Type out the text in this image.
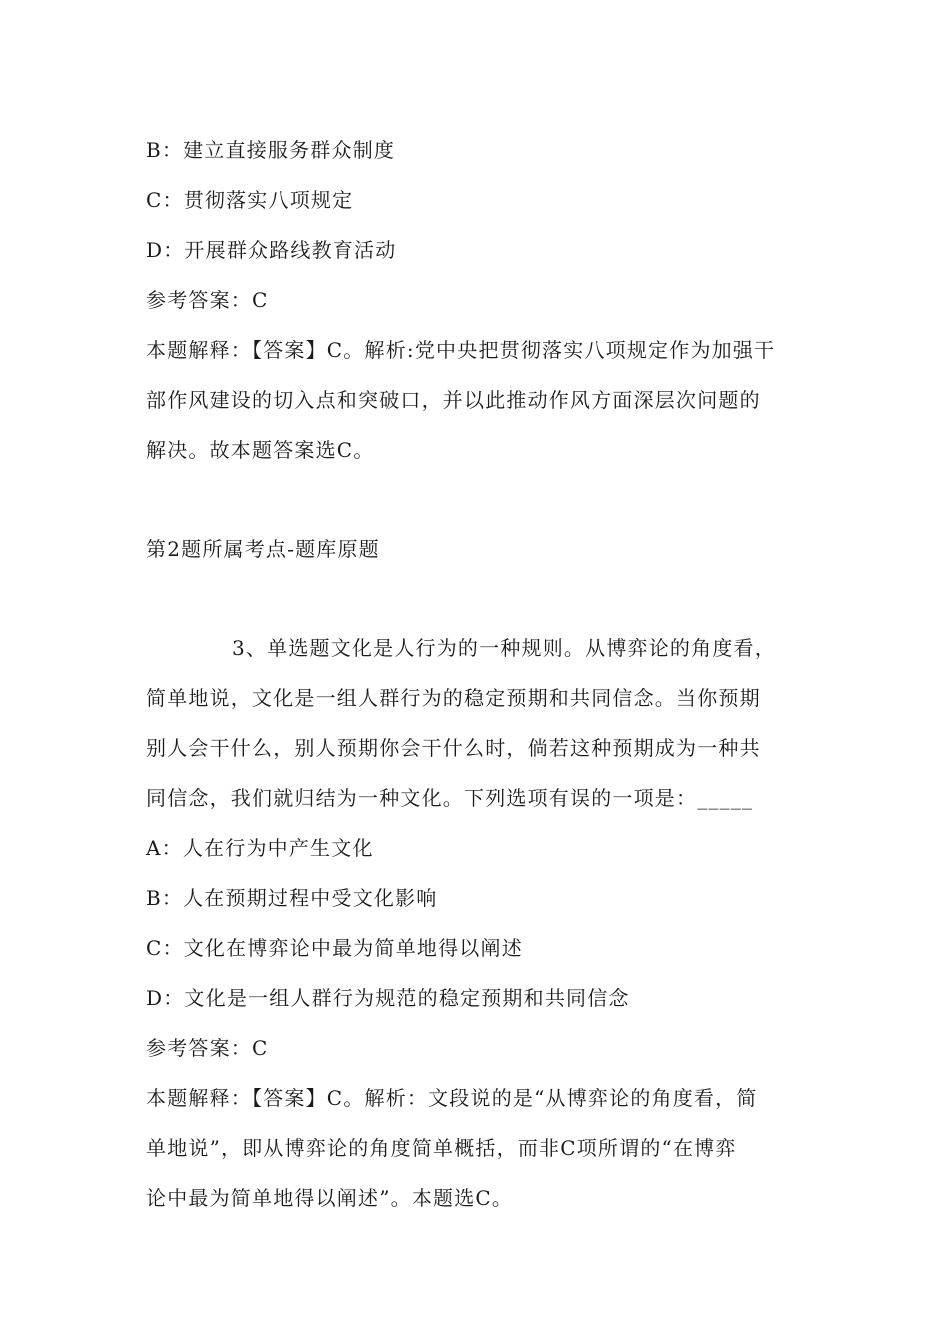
B：建立直接服务群众制度
C：贯彻落实八项规定
D：开展群众路线教育活动
参考答案：C
本题解释：【答案】C。解析:党中央把贯彻落实八项规定作为加强干
部作风建设的切入点和突破口，并以此推动作风方面深层次问题的
解决。故本题答案选C。
第2题所属考点-题库原题
3、单选题文化是人行为的一种规则。从博弈论的角度看，
简单地说，文化是一组人群行为的稳定预期和共同信念。当你预期
别人会干什么，别人预期你会干什么时，倘若这种预期成为一种共
同信念，我们就归结为一种文化。下列选项有误的一项是：_____
A：人在行为中产生文化
B：人在预期过程中受文化影响
C：文化在博弈论中最为简单地得以阐述
D：文化是一组人群行为规范的稳定预期和共同信念
参考答案：C
本题解释：【答案】C。解析：文段说的是“从博弈论的角度看，简
单地说”，即从博弈论的角度简单概括，而非C项所谓的“在博弈
论中最为简单地得以阐述”。本题选C。
